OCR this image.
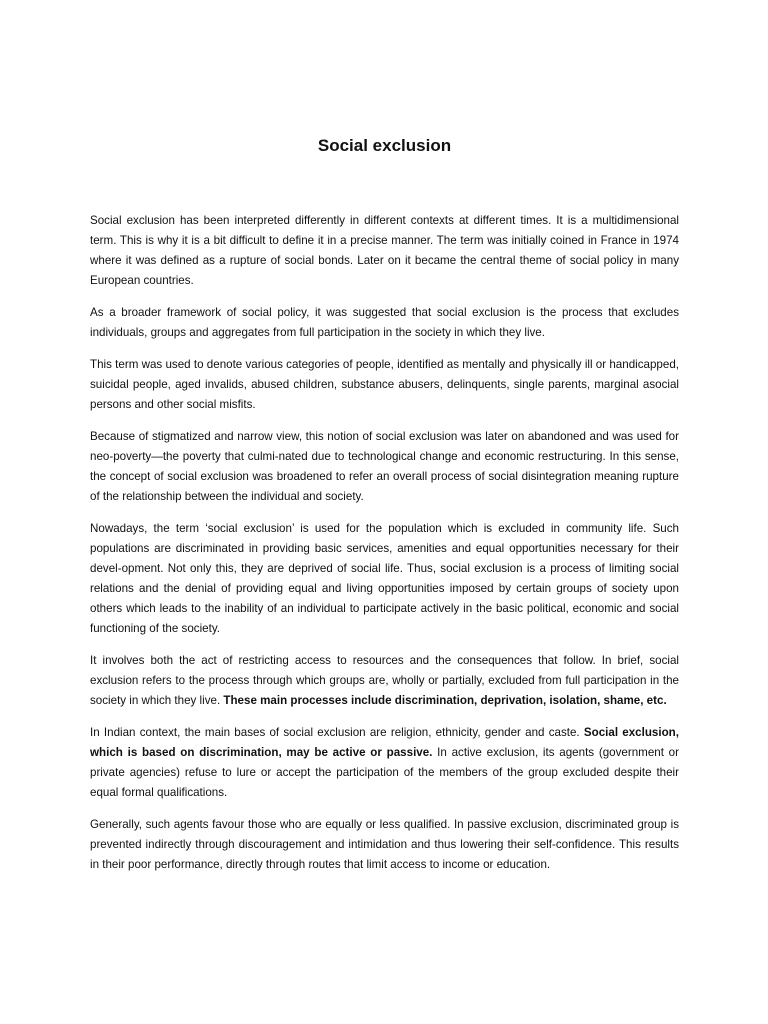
Social exclusion

Social exclusion has been interpreted differently in different contexts at different times. It is a multidimensional term. This is why it is a bit difficult to define it in a precise manner. The term was initially coined in France in 1974 where it was defined as a rupture of social bonds. Later on it became the central theme of social policy in many European countries.

As a broader framework of social policy, it was suggested that social exclusion is the process that excludes individuals, groups and aggregates from full participation in the society in which they live.

This term was used to denote various categories of people, identified as mentally and physically ill or handicapped, suicidal people, aged invalids, abused children, substance abusers, delinquents, single parents, marginal asocial persons and other social misfits.

Because of stigmatized and narrow view, this notion of social exclusion was later on abandoned and was used for neo-poverty—the poverty that culmi-nated due to technological change and economic restructuring. In this sense, the concept of social exclusion was broadened to refer an overall process of social disintegration meaning rupture of the relationship between the individual and society.

Nowadays, the term ‘social exclusion’ is used for the population which is excluded in community life. Such populations are discriminated in providing basic services, amenities and equal opportunities necessary for their devel-opment. Not only this, they are deprived of social life. Thus, social exclusion is a process of limiting social relations and the denial of providing equal and living opportunities imposed by certain groups of society upon others which leads to the inability of an individual to participate actively in the basic political, economic and social functioning of the society.

It involves both the act of restricting access to resources and the consequences that follow. In brief, social exclusion refers to the process through which groups are, wholly or partially, excluded from full participation in the society in which they live. These main processes include discrimination, deprivation, isolation, shame, etc.

In Indian context, the main bases of social exclusion are religion, ethnicity, gender and caste. Social exclusion, which is based on discrimination, may be active or passive. In active exclusion, its agents (government or private agencies) refuse to lure or accept the participation of the members of the group excluded despite their equal formal qualifications.

Generally, such agents favour those who are equally or less qualified. In passive exclusion, discriminated group is prevented indirectly through discouragement and intimidation and thus lowering their self-confidence. This results in their poor performance, directly through routes that limit access to income or education.
